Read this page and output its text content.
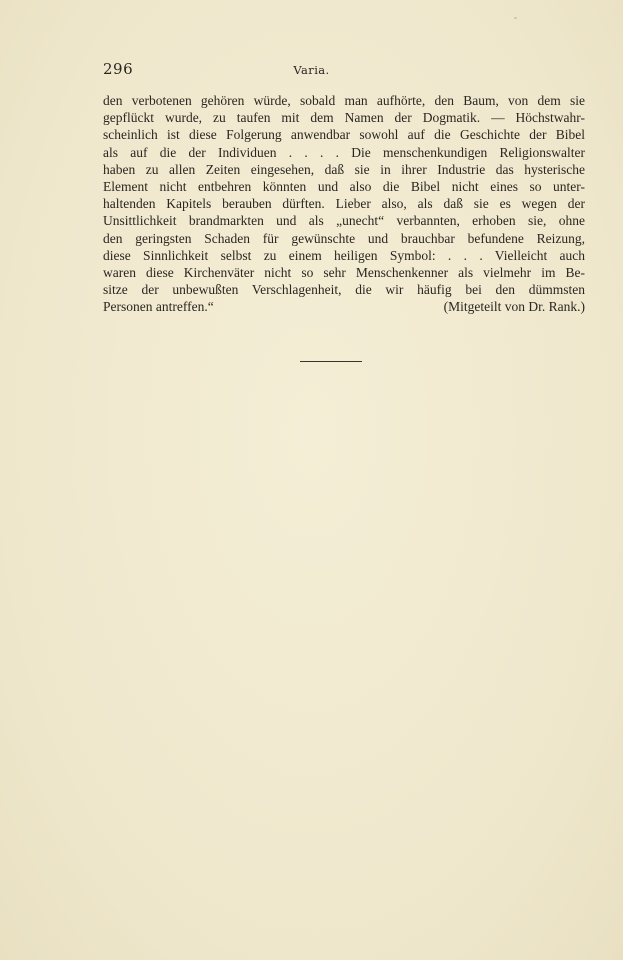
296	Varia.
den verbotenen gehören würde, sobald man aufhörte, den Baum, von dem sie
gepflückt wurde, zu taufen mit dem Namen der Dogmatik. — Höchstwahr-
scheinlich ist diese Folgerung anwendbar sowohl auf die Geschichte der Bibel
als auf die der Individuen . . . . Die menschenkundigen Religionswalter
haben zu allen Zeiten eingesehen, daß sie in ihrer Industrie das hysterische
Element nicht entbehren könnten und also die Bibel nicht eines so unter-
haltenden Kapitels berauben dürften. Lieber also, als daß sie es wegen der
Unsittlichkeit brandmarkten und als „unecht“ verbannten, erhoben sie, ohne
den geringsten Schaden für gewünschte und brauchbar befundene Reizung,
diese Sinnlichkeit selbst zu einem heiligen Symbol: . . . Vielleicht auch
waren diese Kirchenväter nicht so sehr Menschenkenner als vielmehr im Be-
sitze der unbewußten Verschlagenheit, die wir häufig bei den dümmsten
Personen antreffen.“	(Mitgeteilt von Dr. Rank.)
